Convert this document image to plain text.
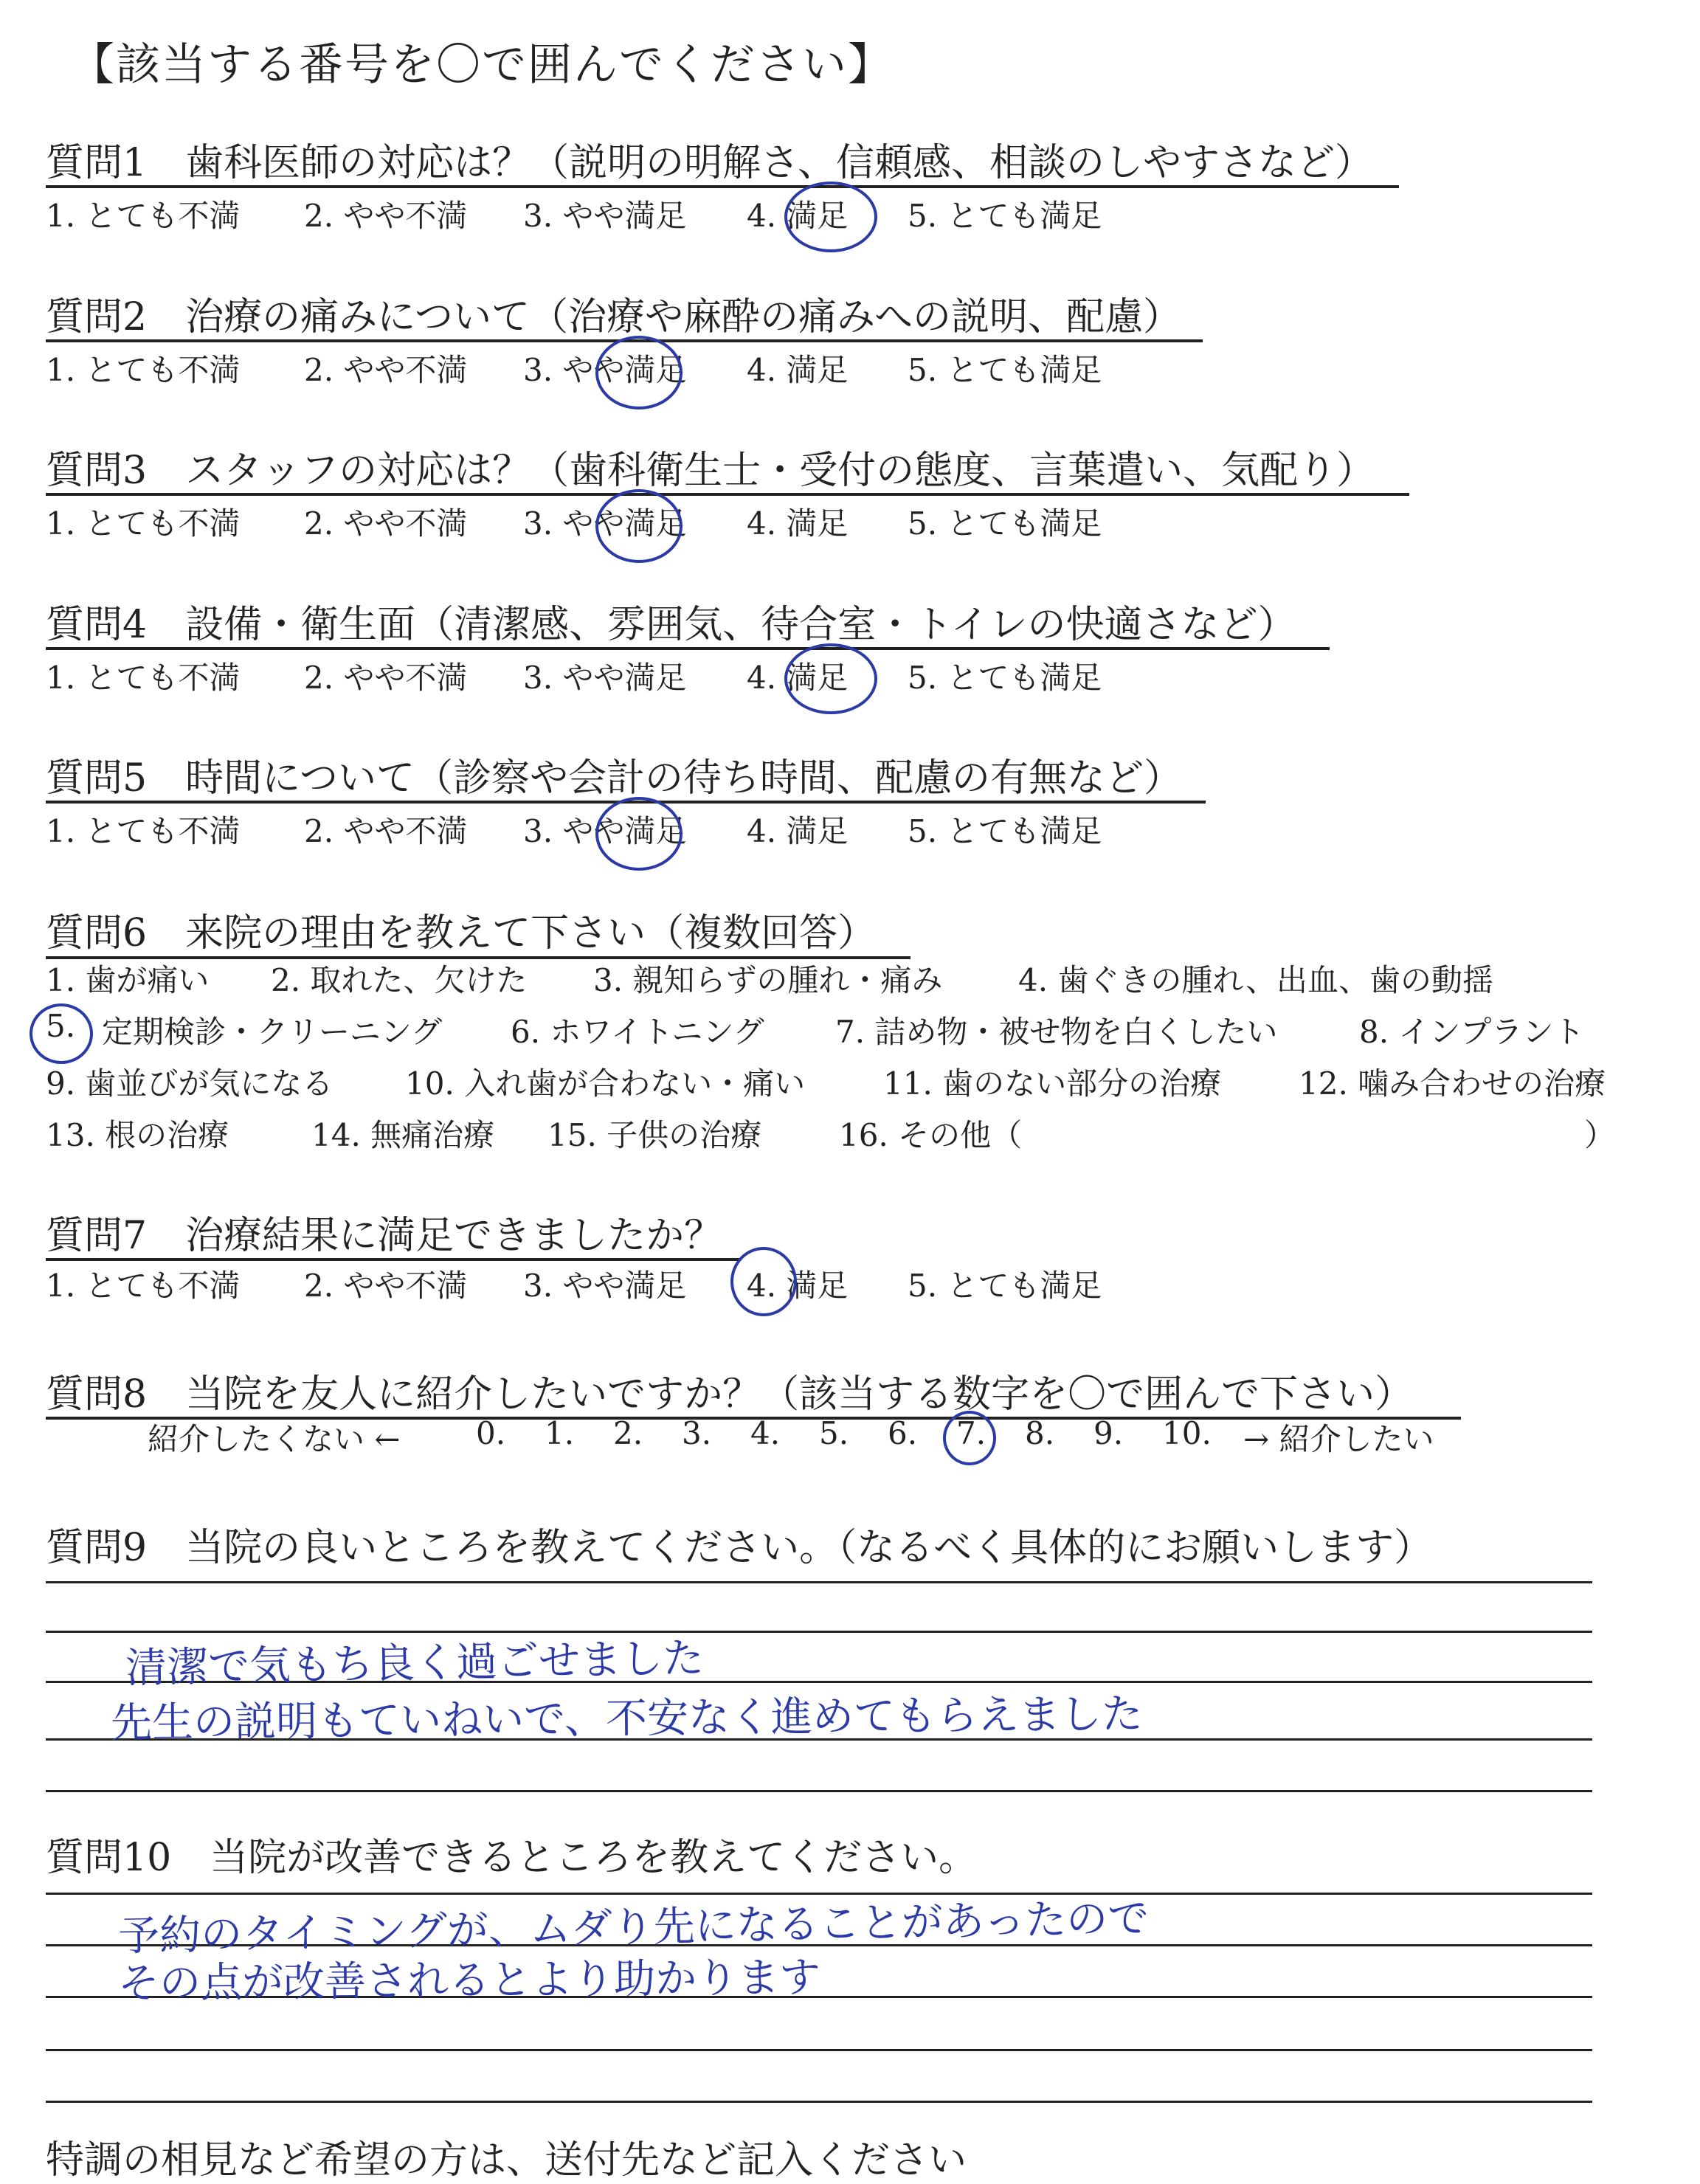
【該当する番号を〇で囲んでください】
質問1　歯科医師の対応は？（説明の明解さ、信頼感、相談のしやすさなど）
1. とても不満 2. やや不満 3. やや満足 4. 満足 5. とても満足
質問2　治療の痛みについて（治療や麻酔の痛みへの説明、配慮）
1. とても不満 2. やや不満 3. やや満足 4. 満足 5. とても満足
質問3　スタッフの対応は？（歯科衛生士・受付の態度、言葉遣い、気配り）
1. とても不満 2. やや不満 3. やや満足 4. 満足 5. とても満足
質問4　設備・衛生面（清潔感、雰囲気、待合室・トイレの快適さなど）
1. とても不満 2. やや不満 3. やや満足 4. 満足 5. とても満足
質問5　時間について（診察や会計の待ち時間、配慮の有無など）
1. とても不満 2. やや不満 3. やや満足 4. 満足 5. とても満足
質問6　来院の理由を教えて下さい（複数回答）
1. 歯が痛い 2. 取れた、欠けた 3. 親知らずの腫れ・痛み 4. 歯ぐきの腫れ、出血、歯の動揺
5. 定期検診・クリーニング 6. ホワイトニング 7. 詰め物・被せ物を白くしたい	8. インプラント
9. 歯並びが気になる 10. 入れ歯が合わない・痛い	11. 歯のない部分の治療 12. 噛み合わせの治療
13. 根の治療	14. 無痛治療 15. 子供の治療 16. その他（	）
質問7　治療結果に満足できましたか？
1. とても不満 2. やや不満 3. やや満足 4. 満足 5. とても満足
質問8　当院を友人に紹介したいですか？（該当する数字を〇で囲んで下さい）
紹介したくない ← 0. 1. 2. 3. 4. 5. 6. 7. 8. 9. 10. → 紹介したい
質問9　当院の良いところを教えてください。（なるべく具体的にお願いします）
清潔で気もち良く過ごせました
先生の説明もていねいで、不安なく進めてもらえました
質問10　当院が改善できるところを教えてください。
予約のタイミングが、ムダり先になることがあったので
その点が改善されるとより助かります
特調の相見など希望の方は、送付先など記入ください
